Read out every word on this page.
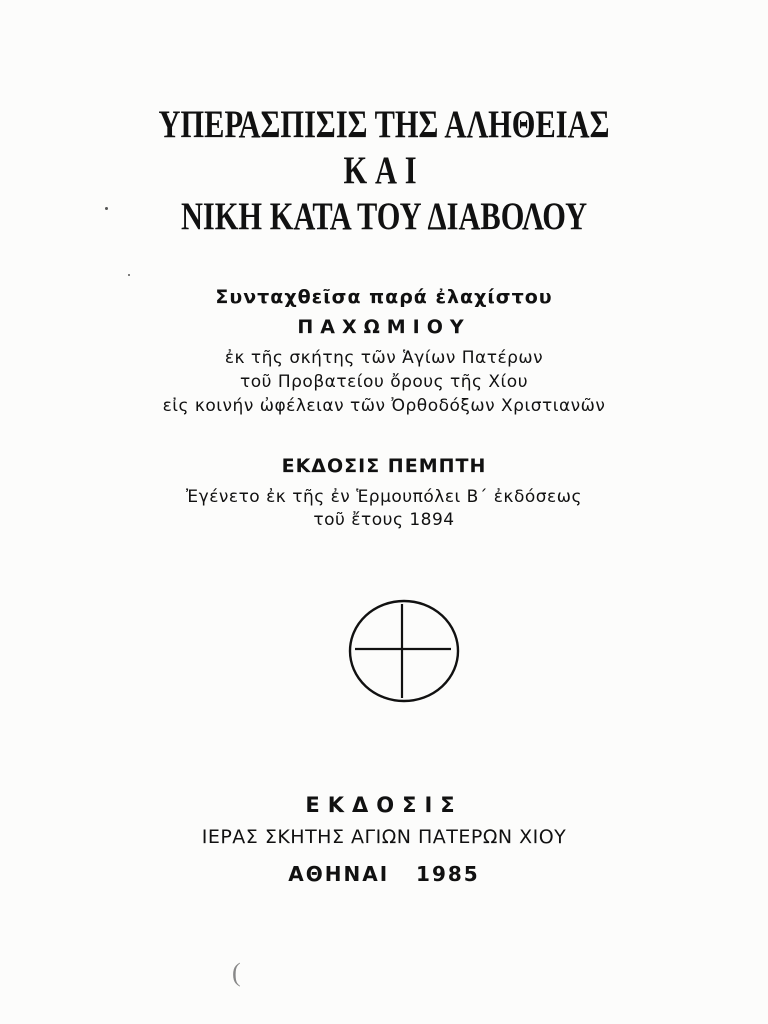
ΥΠΕΡΑΣΠΙΣΙΣ ΤΗΣ ΑΛΗΘΕΙΑΣ
ΚΑΙ
ΝΙΚΗ ΚΑΤΑ ΤΟΥ ΔΙΑΒΟΛΟΥ
Συνταχθεῖσα παρά ἐλαχίστου
ΠΑΧΩΜΙΟΥ
ἐκ τῆς σκήτης τῶν Ἁγίων Πατέρων
τοῦ Προβατείου ὄρους τῆς Χίου
εἰς κοινήν ὠφέλειαν τῶν Ὀρθοδόξων Χριστιανῶν
ΕΚΔΟΣΙΣ ΠΕΜΠΤΗ
Ἐγένετο ἐκ τῆς ἐν Ἑρμουπόλει Β΄ ἐκδόσεως
τοῦ ἔτους 1894
ΕΚΔΟΣΙΣ
ΙΕΡΑΣ ΣΚΗΤΗΣ ΑΓΙΩΝ ΠΑΤΕΡΩΝ ΧΙΟΥ
ΑΘΗΝΑΙ   1985
(
